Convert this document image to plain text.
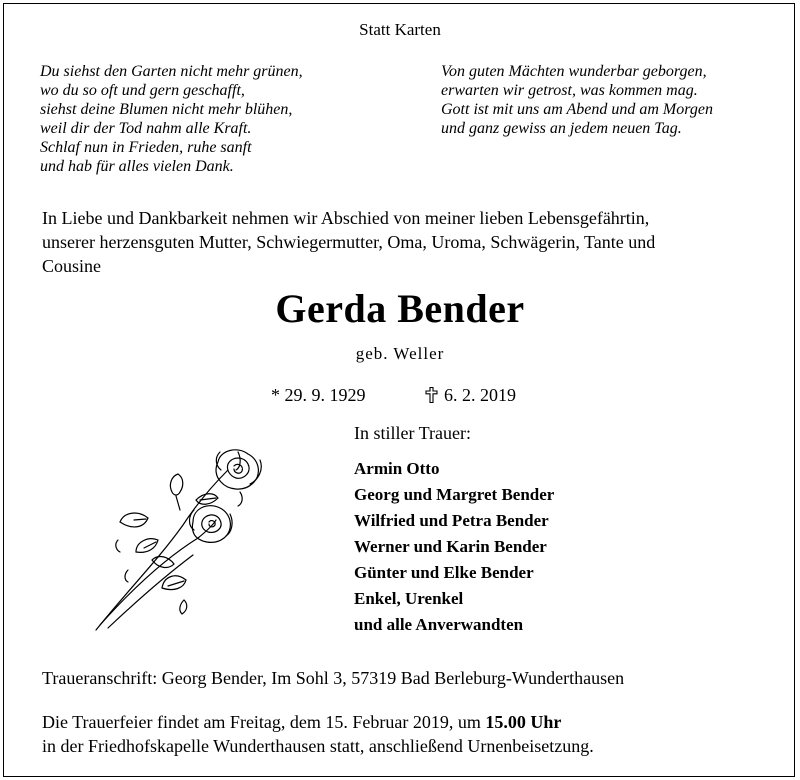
Statt Karten
Du siehst den Garten nicht mehr grünen,
wo du so oft und gern geschafft,
siehst deine Blumen nicht mehr blühen,
weil dir der Tod nahm alle Kraft.
Schlaf nun in Frieden, ruhe sanft
und hab für alles vielen Dank.
Von guten Mächten wunderbar geborgen,
erwarten wir getrost, was kommen mag.
Gott ist mit uns am Abend und am Morgen
und ganz gewiss an jedem neuen Tag.
In Liebe und Dankbarkeit nehmen wir Abschied von meiner lieben Lebensgefährtin,
unserer herzensguten Mutter, Schwiegermutter, Oma, Uroma, Schwägerin, Tante und
Cousine
Gerda Bender
geb. Weller
* 29. 9. 1929	6. 2. 2019
In stiller Trauer:
Armin Otto
Georg und Margret Bender
Wilfried und Petra Bender
Werner und Karin Bender
Günter und Elke Bender
Enkel, Urenkel
und alle Anverwandten
Traueranschrift: Georg Bender, Im Sohl 3, 57319 Bad Berleburg-Wunderthausen
Die Trauerfeier findet am Freitag, dem 15. Februar 2019, um 15.00 Uhr
in der Friedhofskapelle Wunderthausen statt, anschließend Urnenbeisetzung.
